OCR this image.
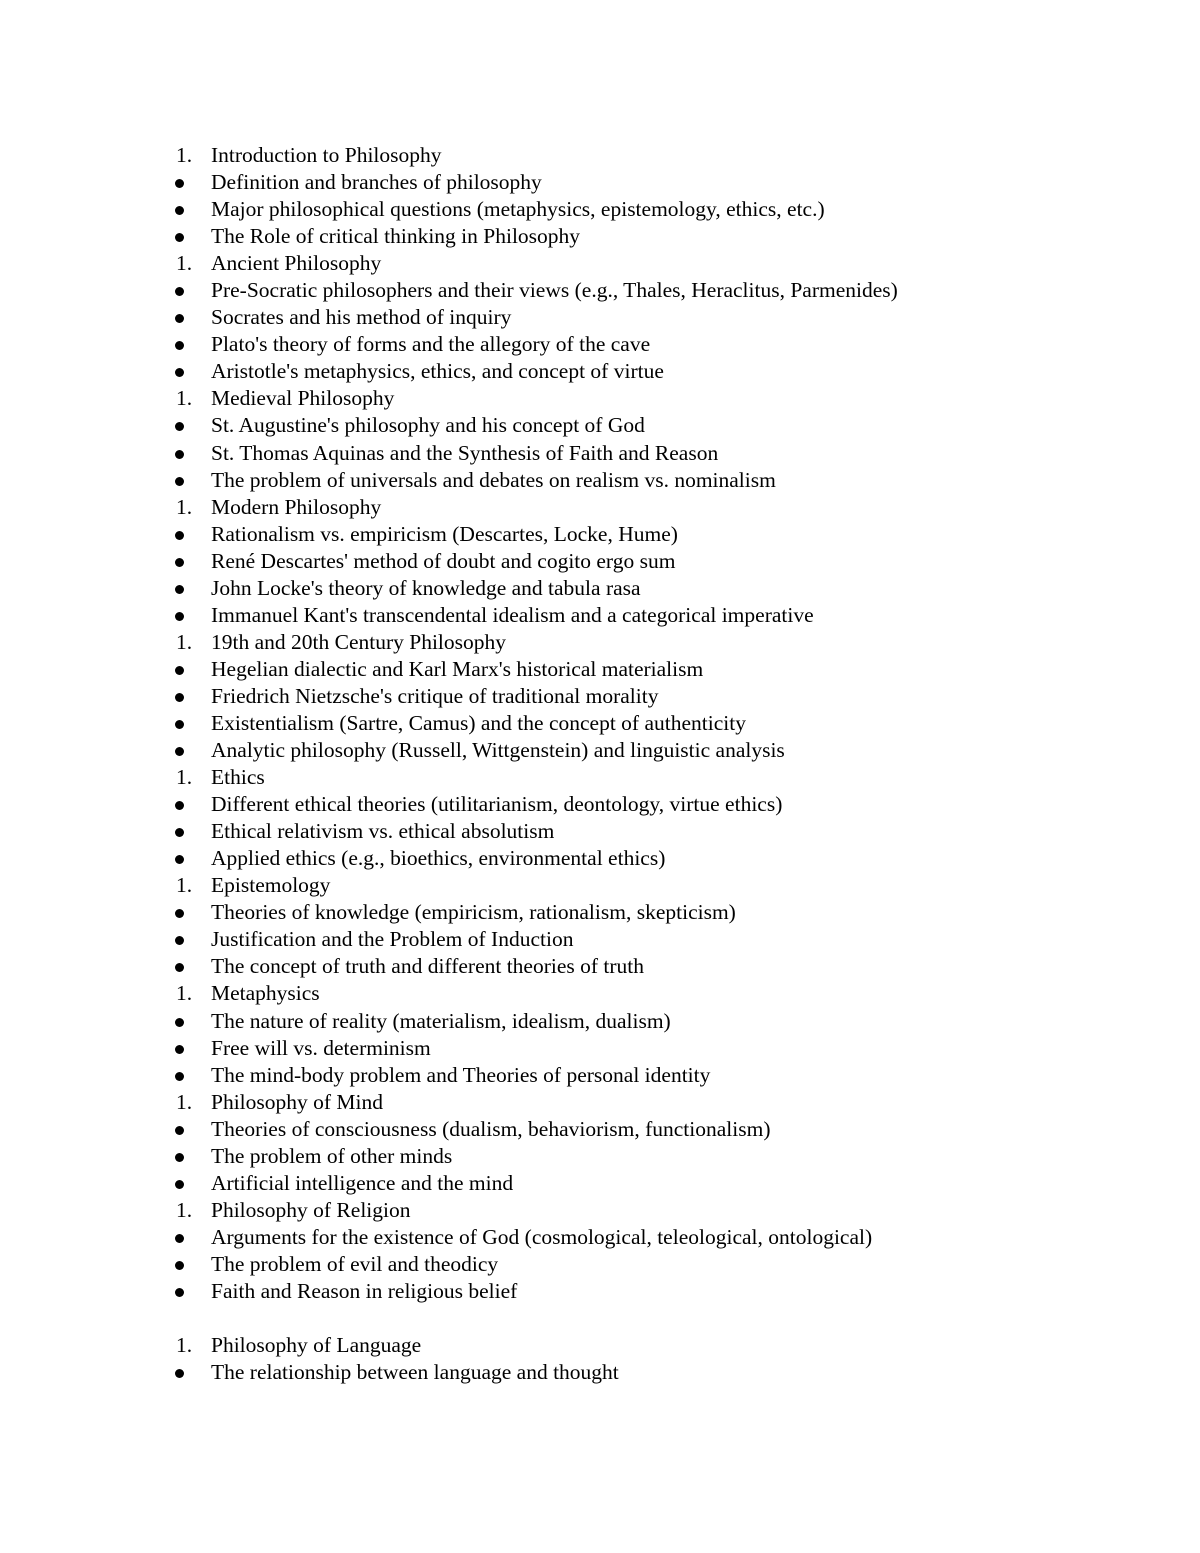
1. Introduction to Philosophy
Definition and branches of philosophy
Major philosophical questions (metaphysics, epistemology, ethics, etc.)
The Role of critical thinking in Philosophy
1. Ancient Philosophy
Pre-Socratic philosophers and their views (e.g., Thales, Heraclitus, Parmenides)
Socrates and his method of inquiry
Plato's theory of forms and the allegory of the cave
Aristotle's metaphysics, ethics, and concept of virtue
1. Medieval Philosophy
St. Augustine's philosophy and his concept of God
St. Thomas Aquinas and the Synthesis of Faith and Reason
The problem of universals and debates on realism vs. nominalism
1. Modern Philosophy
Rationalism vs. empiricism (Descartes, Locke, Hume)
René Descartes' method of doubt and cogito ergo sum
John Locke's theory of knowledge and tabula rasa
Immanuel Kant's transcendental idealism and a categorical imperative
1. 19th and 20th Century Philosophy
Hegelian dialectic and Karl Marx's historical materialism
Friedrich Nietzsche's critique of traditional morality
Existentialism (Sartre, Camus) and the concept of authenticity
Analytic philosophy (Russell, Wittgenstein) and linguistic analysis
1. Ethics
Different ethical theories (utilitarianism, deontology, virtue ethics)
Ethical relativism vs. ethical absolutism
Applied ethics (e.g., bioethics, environmental ethics)
1. Epistemology
Theories of knowledge (empiricism, rationalism, skepticism)
Justification and the Problem of Induction
The concept of truth and different theories of truth
1. Metaphysics
The nature of reality (materialism, idealism, dualism)
Free will vs. determinism
The mind-body problem and Theories of personal identity
1. Philosophy of Mind
Theories of consciousness (dualism, behaviorism, functionalism)
The problem of other minds
Artificial intelligence and the mind
1. Philosophy of Religion
Arguments for the existence of God (cosmological, teleological, ontological)
The problem of evil and theodicy
Faith and Reason in religious belief
1. Philosophy of Language
The relationship between language and thought
